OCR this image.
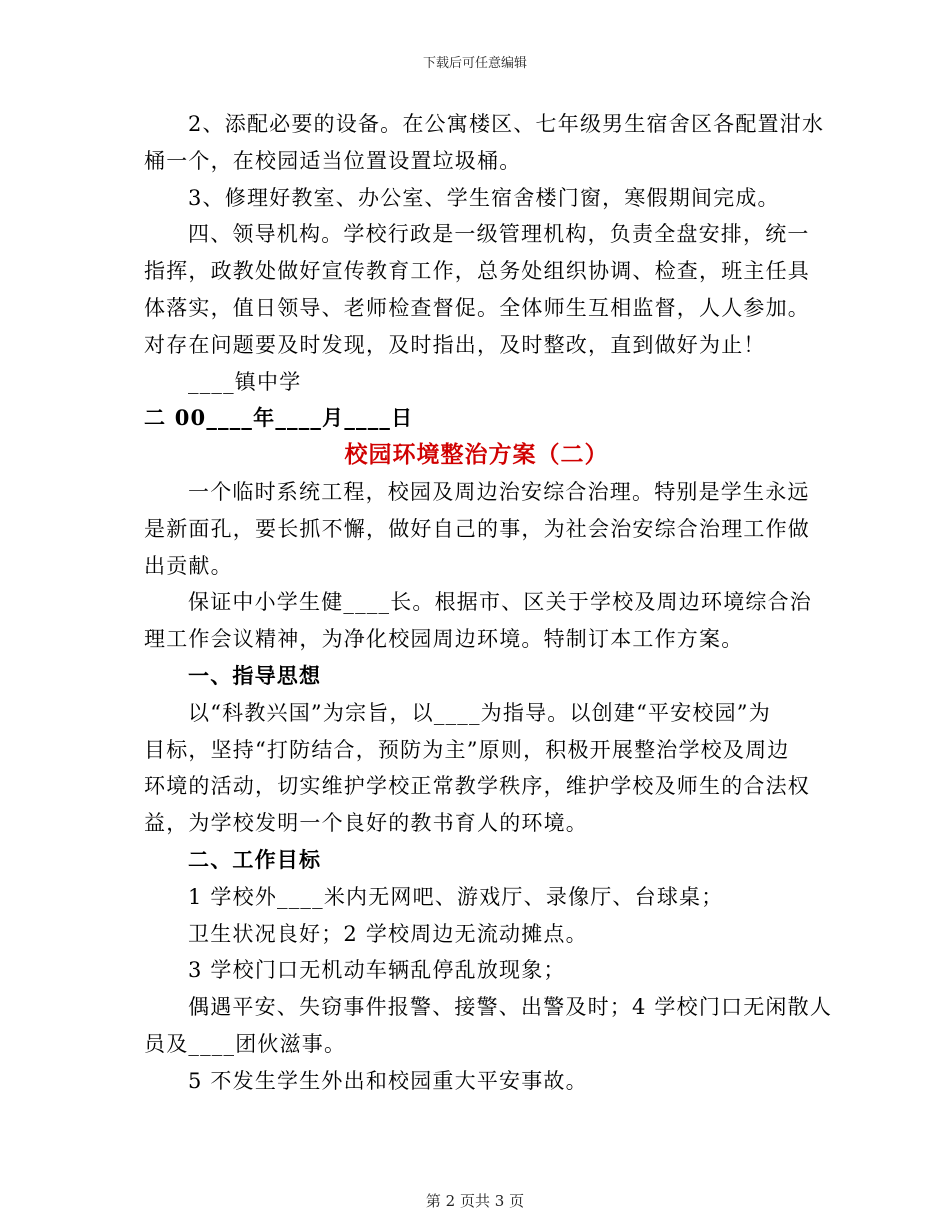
下载后可任意编辑
2、添配必要的设备。在公寓楼区、七年级男生宿舍区各配置泔水
桶一个，在校园适当位置设置垃圾桶。
3、修理好教室、办公室、学生宿舍楼门窗，寒假期间完成。
四、领导机构。学校行政是一级管理机构，负责全盘安排，统一
指挥，政教处做好宣传教育工作，总务处组织协调、检查，班主任具
体落实，值日领导、老师检查督促。全体师生互相监督，人人参加。
对存在问题要及时发现，及时指出，及时整改，直到做好为止！
____镇中学
二 00____年____月____日
校园环境整治方案（二）
一个临时系统工程，校园及周边治安综合治理。特别是学生永远
是新面孔，要长抓不懈，做好自己的事，为社会治安综合治理工作做
出贡献。
保证中小学生健____长。根据市、区关于学校及周边环境综合治
理工作会议精神，为净化校园周边环境。特制订本工作方案。
一、指导思想
以“科教兴国”为宗旨，以____为指导。以创建“平安校园”为
目标，坚持“打防结合，预防为主”原则，积极开展整治学校及周边
环境的活动，切实维护学校正常教学秩序，维护学校及师生的合法权
益，为学校发明一个良好的教书育人的环境。
二、工作目标
1 学校外____米内无网吧、游戏厅、录像厅、台球桌；
卫生状况良好；2 学校周边无流动摊点。
3 学校门口无机动车辆乱停乱放现象；
偶遇平安、失窃事件报警、接警、出警及时；4 学校门口无闲散人
员及____团伙滋事。
5 不发生学生外出和校园重大平安事故。
第 2 页共 3 页
